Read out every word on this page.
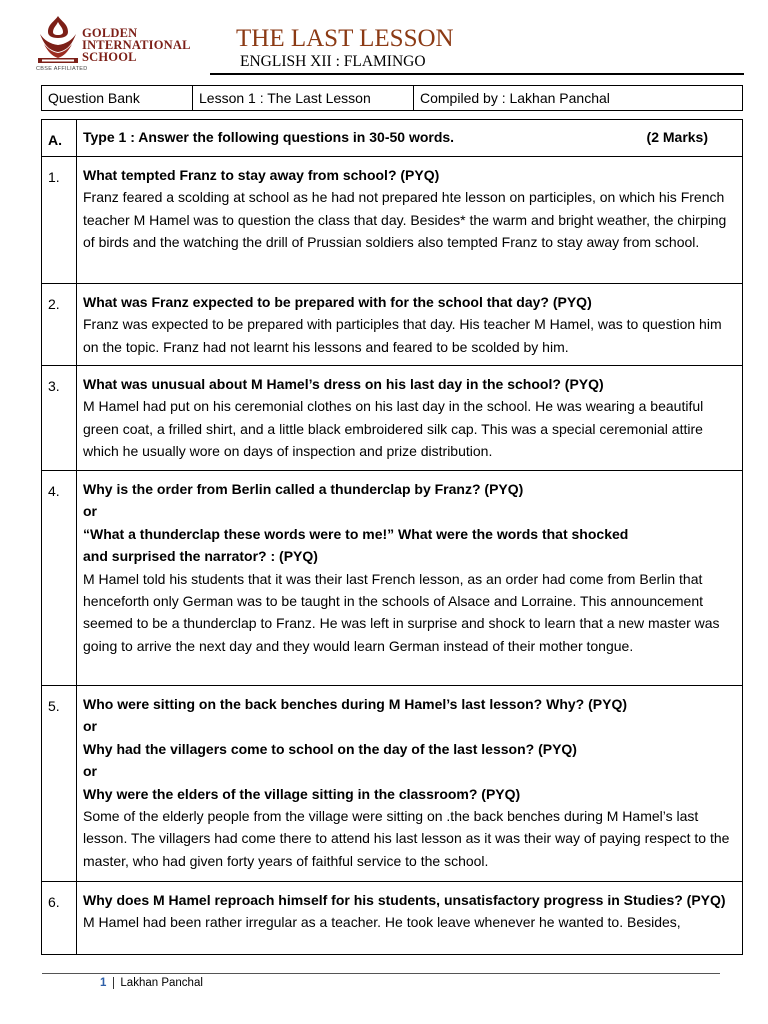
GOLDEN
INTERNATIONAL
SCHOOL
CBSE AFFILIATED
THE LAST LESSON
ENGLISH XII : FLAMINGO
Question Bank	Lesson 1 : The Last Lesson	Compiled by : Lakhan Panchal
A.	Type 1 : Answer the following questions in 30-50 words.	(2 Marks)
1.	What tempted Franz to stay away from school? (PYQ)
Franz feared a scolding at school as he had not prepared hte lesson on participles, on which his French teacher M Hamel was to question the class that day. Besides* the warm and bright weather, the chirping of birds and the watching the drill of Prussian soldiers also tempted Franz to stay away from school.
2.	What was Franz expected to be prepared with for the school that day? (PYQ)
Franz was expected to be prepared with participles that day. His teacher M Hamel, was to question him on the topic. Franz had not learnt his lessons and feared to be scolded by him.
3.	What was unusual about M Hamel’s dress on his last day in the school? (PYQ)
M Hamel had put on his ceremonial clothes on his last day in the school. He was wearing a beautiful green coat, a frilled shirt, and a little black embroidered silk cap. This was a special ceremonial attire which he usually wore on days of inspection and prize distribution.
4.	Why is the order from Berlin called a thunderclap by Franz? (PYQ)
or
“What a thunderclap these words were to me!” What were the words that shocked
and surprised the narrator? : (PYQ)
M Hamel told his students that it was their last French lesson, as an order had come from Berlin that henceforth only German was to be taught in the schools of Alsace and Lorraine. This announcement seemed to be a thunderclap to Franz. He was left in surprise and shock to learn that a new master was going to arrive the next day and they would learn German instead of their mother tongue.
5.	Who were sitting on the back benches during M Hamel’s last lesson? Why? (PYQ)
or
Why had the villagers come to school on the day of the last lesson? (PYQ)
or
Why were the elders of the village sitting in the classroom? (PYQ)
Some of the elderly people from the village were sitting on .the back benches during M Hamel’s last lesson. The villagers had come there to attend his last lesson as it was their way of paying respect to the master, who had given forty years of faithful service to the school.
6.	Why does M Hamel reproach himself for his students, unsatisfactory progress in Studies? (PYQ)
M Hamel had been rather irregular as a teacher. He took leave whenever he wanted to. Besides,
1	Lakhan Panchal
